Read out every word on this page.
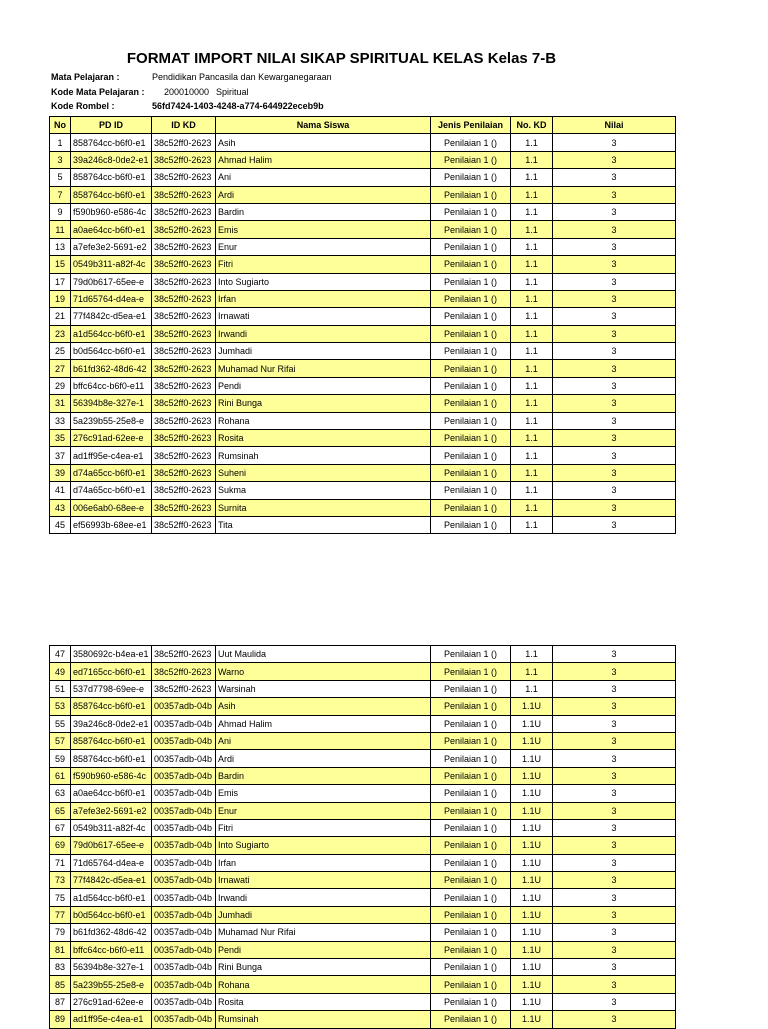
FORMAT IMPORT NILAI SIKAP SPIRITUAL KELAS Kelas 7-B
Mata Pelajaran :	Pendidikan Pancasila dan Kewarganegaraan
Kode Mata Pelajaran :	200010000 Spiritual
Kode Rombel :	56fd7424-1403-4248-a774-644922eceb9b
No	PD ID	ID KD	Nama Siswa	Jenis Penilaian	No. KD	Nilai
1	858764cc-b6f0-e1	38c52ff0-2623	Asih	Penilaian 1 ()	1.1	3
3	39a246c8-0de2-e1	38c52ff0-2623	Ahmad Halim	Penilaian 1 ()	1.1	3
5	858764cc-b6f0-e1	38c52ff0-2623	Ani	Penilaian 1 ()	1.1	3
7	858764cc-b6f0-e1	38c52ff0-2623	Ardi	Penilaian 1 ()	1.1	3
9	f590b960-e586-4c	38c52ff0-2623	Bardin	Penilaian 1 ()	1.1	3
11	a0ae64cc-b6f0-e1	38c52ff0-2623	Emis	Penilaian 1 ()	1.1	3
13	a7efe3e2-5691-e2	38c52ff0-2623	Enur	Penilaian 1 ()	1.1	3
15	0549b311-a82f-4c	38c52ff0-2623	Fitri	Penilaian 1 ()	1.1	3
17	79d0b617-65ee-e	38c52ff0-2623	Into Sugiarto	Penilaian 1 ()	1.1	3
19	71d65764-d4ea-e	38c52ff0-2623	Irfan	Penilaian 1 ()	1.1	3
21	77f4842c-d5ea-e1	38c52ff0-2623	Irnawati	Penilaian 1 ()	1.1	3
23	a1d564cc-b6f0-e1	38c52ff0-2623	Irwandi	Penilaian 1 ()	1.1	3
25	b0d564cc-b6f0-e1	38c52ff0-2623	Jumhadi	Penilaian 1 ()	1.1	3
27	b61fd362-48d6-42	38c52ff0-2623	Muhamad Nur Rifai	Penilaian 1 ()	1.1	3
29	bffc64cc-b6f0-e11	38c52ff0-2623	Pendi	Penilaian 1 ()	1.1	3
31	56394b8e-327e-1	38c52ff0-2623	Rini Bunga	Penilaian 1 ()	1.1	3
33	5a239b55-25e8-e	38c52ff0-2623	Rohana	Penilaian 1 ()	1.1	3
35	276c91ad-62ee-e	38c52ff0-2623	Rosita	Penilaian 1 ()	1.1	3
37	ad1ff95e-c4ea-e1	38c52ff0-2623	Rumsinah	Penilaian 1 ()	1.1	3
39	d74a65cc-b6f0-e1	38c52ff0-2623	Suheni	Penilaian 1 ()	1.1	3
41	d74a65cc-b6f0-e1	38c52ff0-2623	Sukma	Penilaian 1 ()	1.1	3
43	006e6ab0-68ee-e	38c52ff0-2623	Surnita	Penilaian 1 ()	1.1	3
45	ef56993b-68ee-e1	38c52ff0-2623	Tita	Penilaian 1 ()	1.1	3
47	3580692c-b4ea-e1	38c52ff0-2623	Uut Maulida	Penilaian 1 ()	1.1	3
49	ed7165cc-b6f0-e1	38c52ff0-2623	Warno	Penilaian 1 ()	1.1	3
51	537d7798-69ee-e	38c52ff0-2623	Warsinah	Penilaian 1 ()	1.1	3
53	858764cc-b6f0-e1	00357adb-04b	Asih	Penilaian 1 ()	1.1U	3
55	39a246c8-0de2-e1	00357adb-04b	Ahmad Halim	Penilaian 1 ()	1.1U	3
57	858764cc-b6f0-e1	00357adb-04b	Ani	Penilaian 1 ()	1.1U	3
59	858764cc-b6f0-e1	00357adb-04b	Ardi	Penilaian 1 ()	1.1U	3
61	f590b960-e586-4c	00357adb-04b	Bardin	Penilaian 1 ()	1.1U	3
63	a0ae64cc-b6f0-e1	00357adb-04b	Emis	Penilaian 1 ()	1.1U	3
65	a7efe3e2-5691-e2	00357adb-04b	Enur	Penilaian 1 ()	1.1U	3
67	0549b311-a82f-4c	00357adb-04b	Fitri	Penilaian 1 ()	1.1U	3
69	79d0b617-65ee-e	00357adb-04b	Into Sugiarto	Penilaian 1 ()	1.1U	3
71	71d65764-d4ea-e	00357adb-04b	Irfan	Penilaian 1 ()	1.1U	3
73	77f4842c-d5ea-e1	00357adb-04b	Irnawati	Penilaian 1 ()	1.1U	3
75	a1d564cc-b6f0-e1	00357adb-04b	Irwandi	Penilaian 1 ()	1.1U	3
77	b0d564cc-b6f0-e1	00357adb-04b	Jumhadi	Penilaian 1 ()	1.1U	3
79	b61fd362-48d6-42	00357adb-04b	Muhamad Nur Rifai	Penilaian 1 ()	1.1U	3
81	bffc64cc-b6f0-e11	00357adb-04b	Pendi	Penilaian 1 ()	1.1U	3
83	56394b8e-327e-1	00357adb-04b	Rini Bunga	Penilaian 1 ()	1.1U	3
85	5a239b55-25e8-e	00357adb-04b	Rohana	Penilaian 1 ()	1.1U	3
87	276c91ad-62ee-e	00357adb-04b	Rosita	Penilaian 1 ()	1.1U	3
89	ad1ff95e-c4ea-e1	00357adb-04b	Rumsinah	Penilaian 1 ()	1.1U	3
